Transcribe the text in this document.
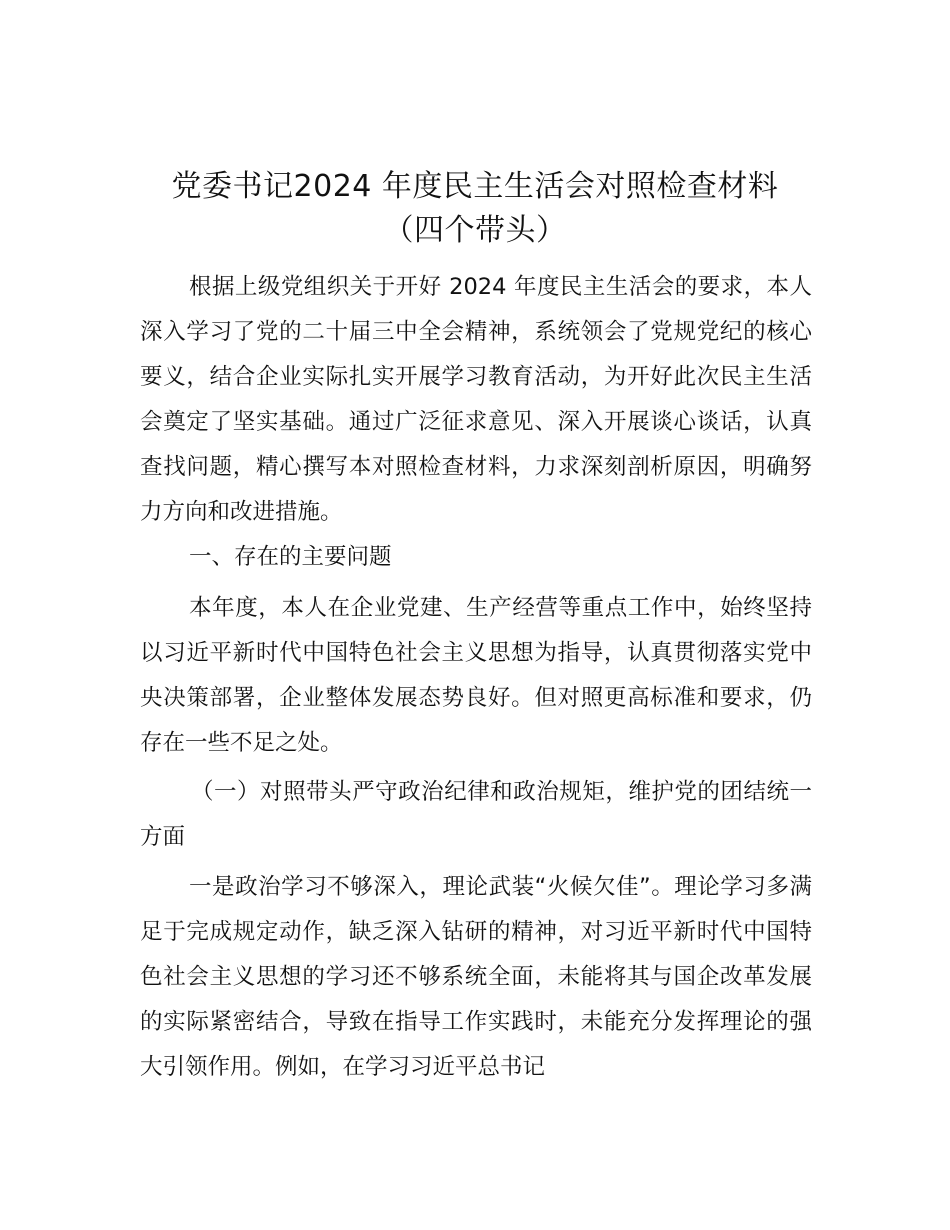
党委书记2024 年度民主生活会对照检查材料
（四个带头）
根据上级党组织关于开好 2024 年度民主生活会的要求，本人深入学习了党的二十届三中全会精神，系统领会了党规党纪的核心要义，结合企业实际扎实开展学习教育活动，为开好此次民主生活会奠定了坚实基础。通过广泛征求意见、深入开展谈心谈话，认真查找问题，精心撰写本对照检查材料，力求深刻剖析原因，明确努力方向和改进措施。
一、存在的主要问题
本年度，本人在企业党建、生产经营等重点工作中，始终坚持以习近平新时代中国特色社会主义思想为指导，认真贯彻落实党中央决策部署，企业整体发展态势良好。但对照更高标准和要求，仍存在一些不足之处。
（一）对照带头严守政治纪律和政治规矩，维护党的团结统一方面
一是政治学习不够深入，理论武装“火候欠佳”。理论学习多满足于完成规定动作，缺乏深入钻研的精神，对习近平新时代中国特色社会主义思想的学习还不够系统全面，未能将其与国企改革发展的实际紧密结合，导致在指导工作实践时，未能充分发挥理论的强大引领作用。例如，在学习习近平总书记
